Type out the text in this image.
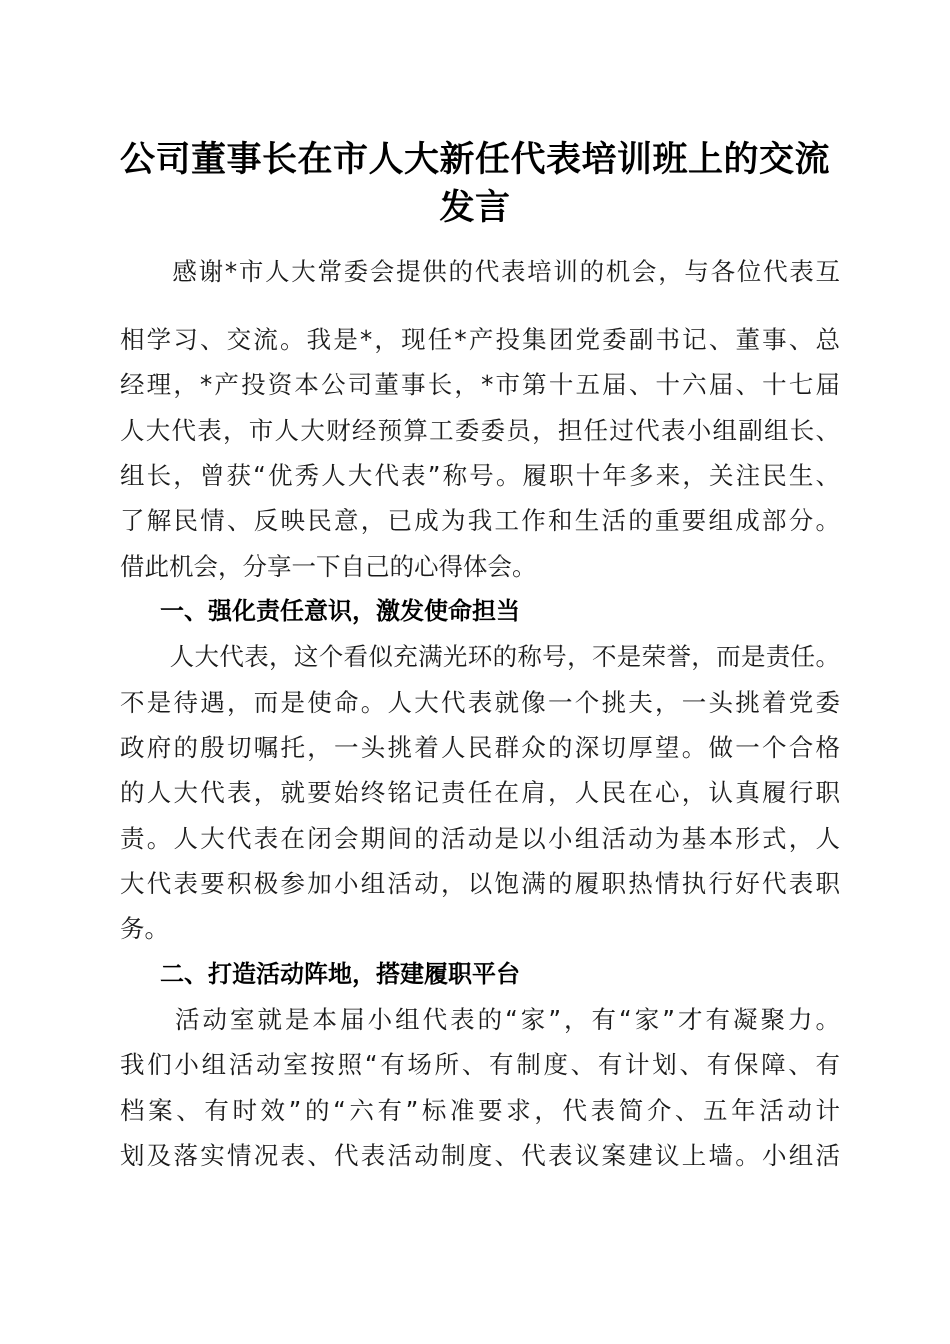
公司董事长在市人大新任代表培训班上的交流
发言
　　感谢*市人大常委会提供的代表培训的机会，与各位代表互
相学习、交流。我是*，现任*产投集团党委副书记、董事、总
经理，*产投资本公司董事长，*市第十五届、十六届、十七届
人大代表，市人大财经预算工委委员，担任过代表小组副组长、
组长，曾获“优秀人大代表”称号。履职十年多来，关注民生、
了解民情、反映民意，已成为我工作和生活的重要组成部分。
借此机会，分享一下自己的心得体会。
一、强化责任意识，激发使命担当
　　人大代表，这个看似充满光环的称号，不是荣誉，而是责任。
不是待遇，而是使命。人大代表就像一个挑夫，一头挑着党委
政府的殷切嘱托，一头挑着人民群众的深切厚望。做一个合格
的人大代表，就要始终铭记责任在肩，人民在心，认真履行职
责。人大代表在闭会期间的活动是以小组活动为基本形式，人
大代表要积极参加小组活动，以饱满的履职热情执行好代表职
务。
二、打造活动阵地，搭建履职平台
　　活动室就是本届小组代表的“家”，有“家”才有凝聚力。
我们小组活动室按照“有场所、有制度、有计划、有保障、有
档案、有时效”的“六有”标准要求，代表简介、五年活动计
划及落实情况表、代表活动制度、代表议案建议上墙。小组活
